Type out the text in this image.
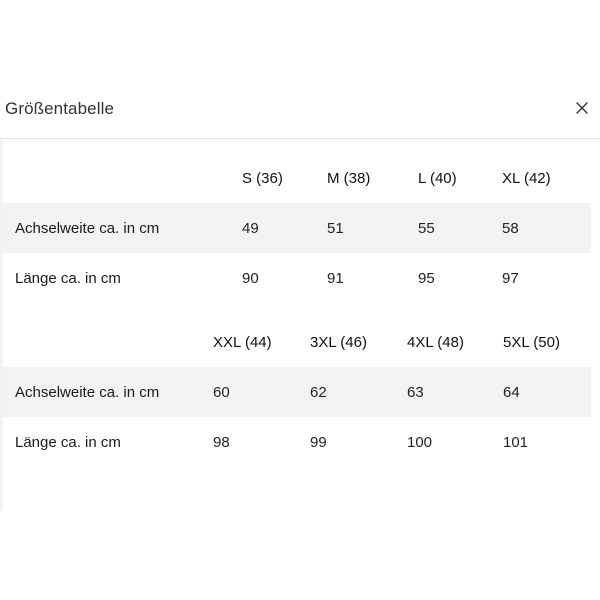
Größentabelle
	S (36)	M (38)	L (40)	XL (42)
Achselweite ca. in cm	49	51	55	58
Länge ca. in cm	90	91	95	97
	XXL (44)	3XL (46)	4XL (48)	5XL (50)
Achselweite ca. in cm	60	62	63	64
Länge ca. in cm	98	99	100	101
